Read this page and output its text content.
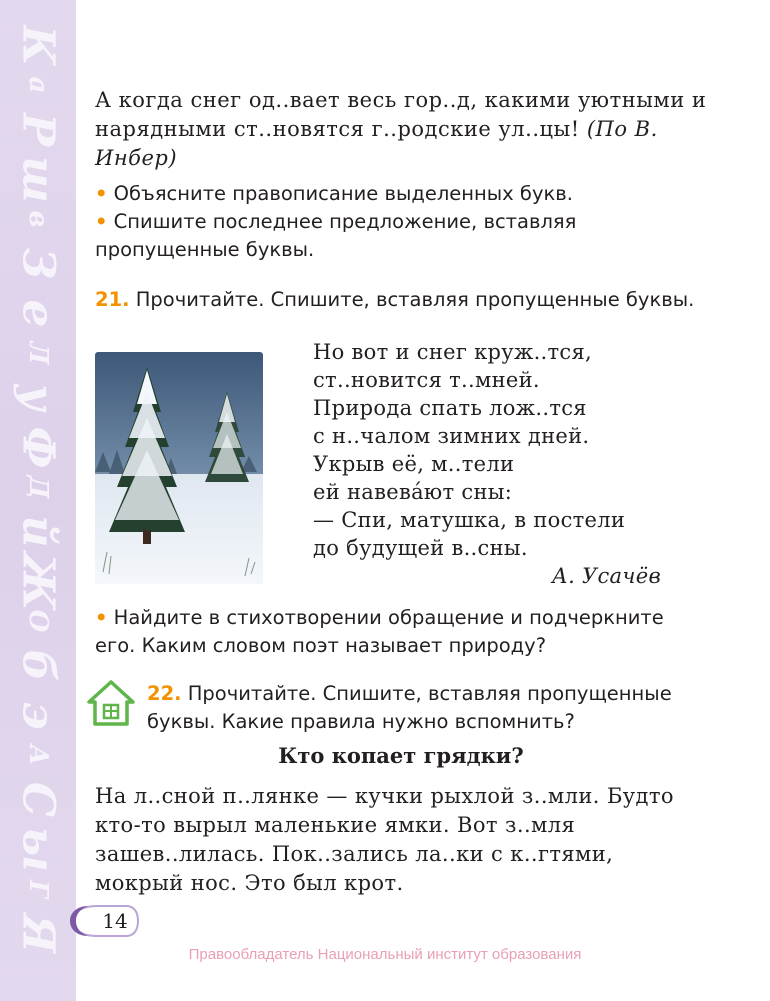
К
а
Р
ш
в
З
е
Л
у
Ф
Д
й
Ж
О
б
э
А
С
ы
Г
Я
А когда снег од..вает весь гор..д, какими уютными и нарядными ст..новятся г..родские ул..цы! (По В. Инбер)
• Объясните правописание выделенных букв.
• Спишите последнее предложение, вставляя пропущенные буквы.
21. Прочитайте. Спишите, вставляя пропущенные буквы.
Но вот и снег круж..тся,
ст..новится т..мней.
Природа спать лож..тся
с н..чалом зимних дней.
Укрыв её, м..тели
ей навева́ют сны:
— Спи, матушка, в постели
до будущей в..сны.
А. Усачёв
• Найдите в стихотворении обращение и подчеркните его. Каким словом поэт называет природу?
22. Прочитайте. Спишите, вставляя пропущенные буквы. Какие правила нужно вспомнить?
Кто копает грядки?
На л..сной п..лянке — кучки рыхлой з..мли. Будто кто-то вырыл маленькие ямки. Вот з..мля зашев..лилась. Пок..зались ла..ки с к..гтями, мокрый нос. Это был крот.
14
Правообладатель Национальный институт образования
